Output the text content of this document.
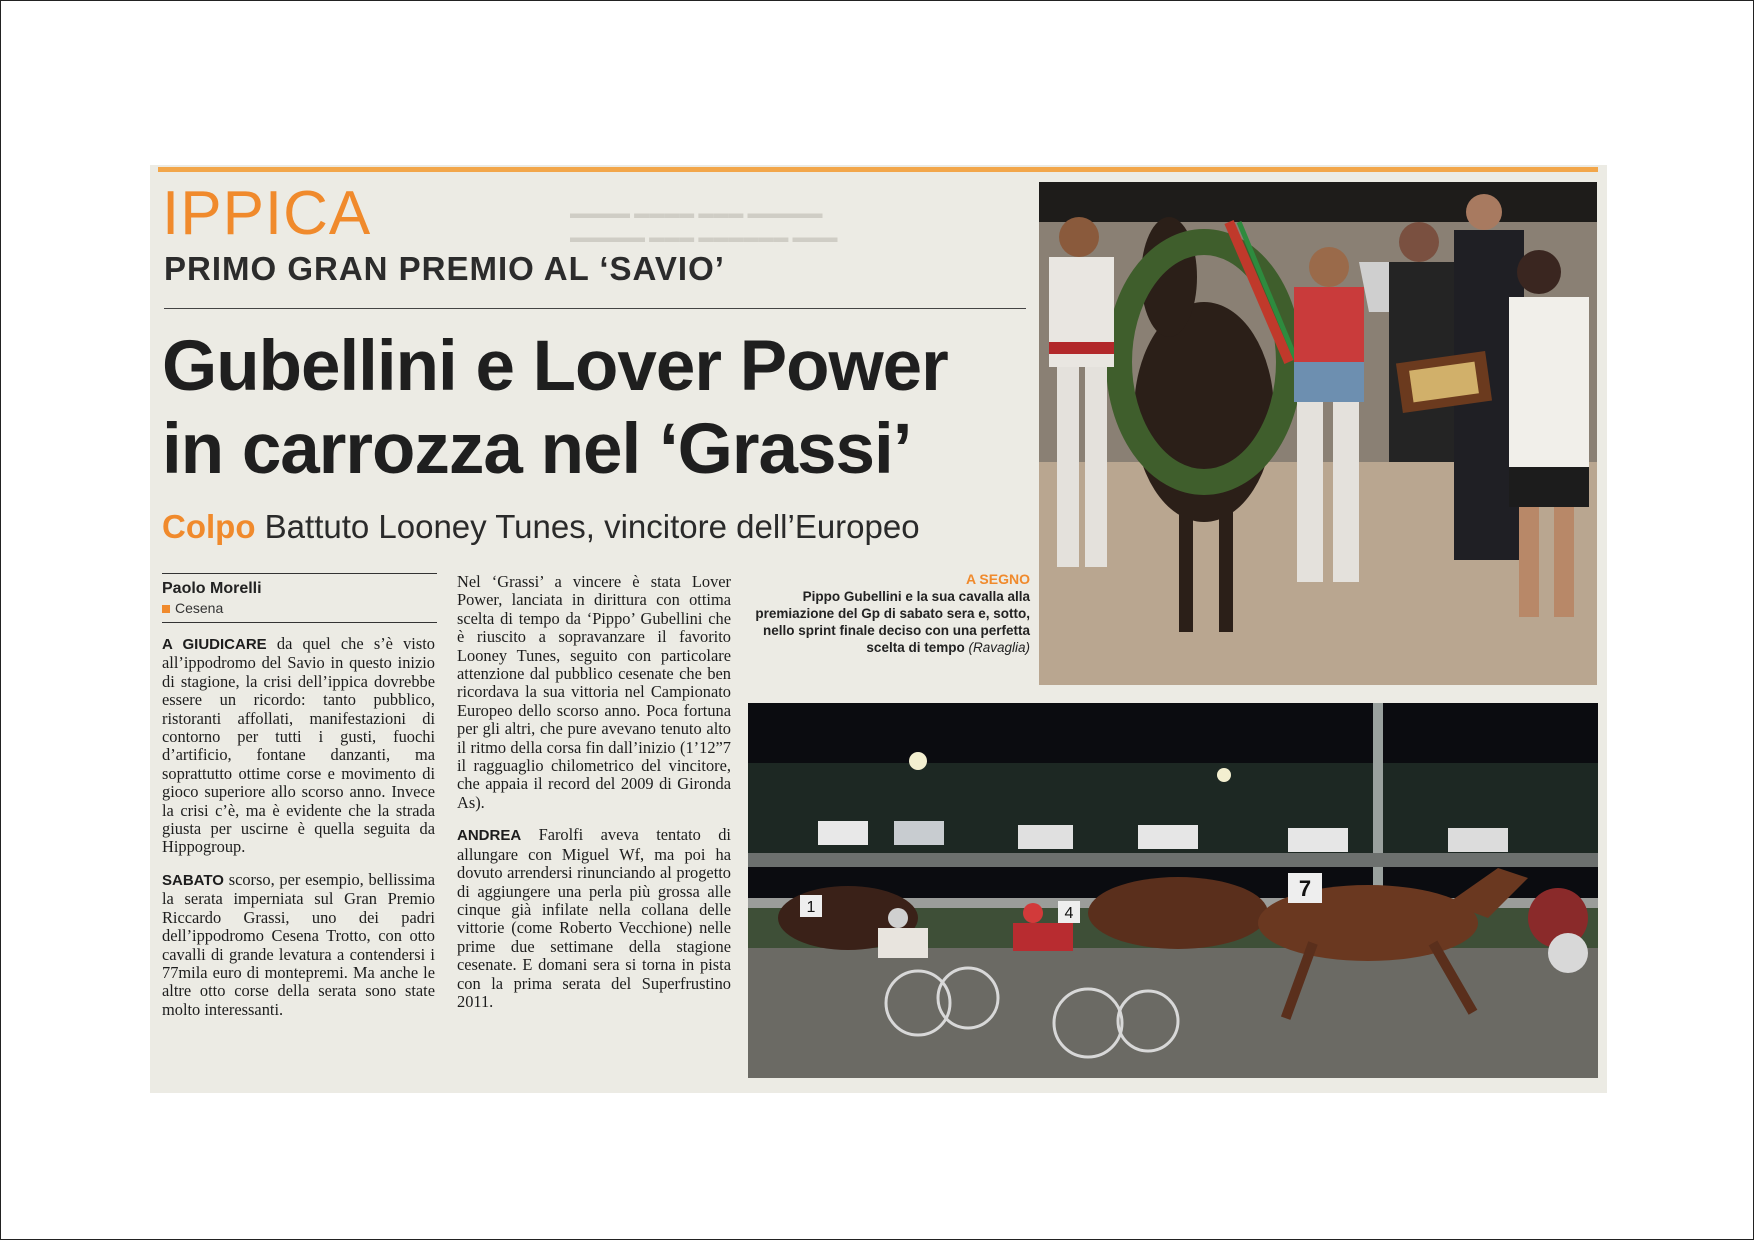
▬▬▬▬ ▬▬▬▬ ▬▬▬ ▬▬▬▬▬
▬▬▬▬▬ ▬▬▬ ▬▬▬▬▬▬ ▬▬▬
IPPICA
PRIMO GRAN PREMIO AL ‘SAVIO’
Gubellini e Lover Power
in carrozza nel ‘Grassi’
Colpo Battuto Looney Tunes, vincitore dell’Europeo
Paolo Morelli
Cesena

A GIUDICARE da quel che s’è visto all’ippodromo del Savio in questo inizio di stagione, la crisi dell’ippica dovrebbe essere un ricordo: tanto pubblico, ristoranti affollati, manifestazioni di contorno per tutti i gusti, fuochi d’artificio, fontane danzanti, ma soprattutto ottime corse e movimento di gioco superiore allo scorso anno. Invece la crisi c’è, ma è evidente che la strada giusta per uscirne è quella seguita da Hippogroup.

SABATO scorso, per esempio, bellissima la serata imperniata sul Gran Premio Riccardo Grassi, uno dei padri dell’ippodromo Cesena Trotto, con otto cavalli di grande levatura a contendersi i 77mila euro di montepremi. Ma anche le altre otto corse della serata sono state molto interessanti.

Nel ‘Grassi’ a vincere è stata Lover Power, lanciata in dirittura con ottima scelta di tempo da ‘Pippo’ Gubellini che è riuscito a sopravanzare il favorito Looney Tunes, seguito con particolare attenzione dal pubblico cesenate che ben ricordava la sua vittoria nel Campionato Europeo dello scorso anno. Poca fortuna per gli altri, che pure avevano tenuto alto il ritmo della corsa fin dall’inizio (1’12”7 il ragguaglio chilometrico del vincitore, che appaia il record del 2009 di Gironda As).

ANDREA Farolfi aveva tentato di allungare con Miguel Wf, ma poi ha dovuto arrendersi rinunciando al progetto di aggiungere una perla più grossa alle cinque già infilate nella collana delle vittorie (come Roberto Vecchione) nelle prime due settimane della stagione cesenate. E domani sera si torna in pista con la prima serata del Superfrustino 2011.

A SEGNO
Pippo Gubellini e la sua cavalla alla premiazione del Gp di sabato sera e, sotto, nello sprint finale deciso con una perfetta scelta di tempo (Ravaglia)
1	4
7
